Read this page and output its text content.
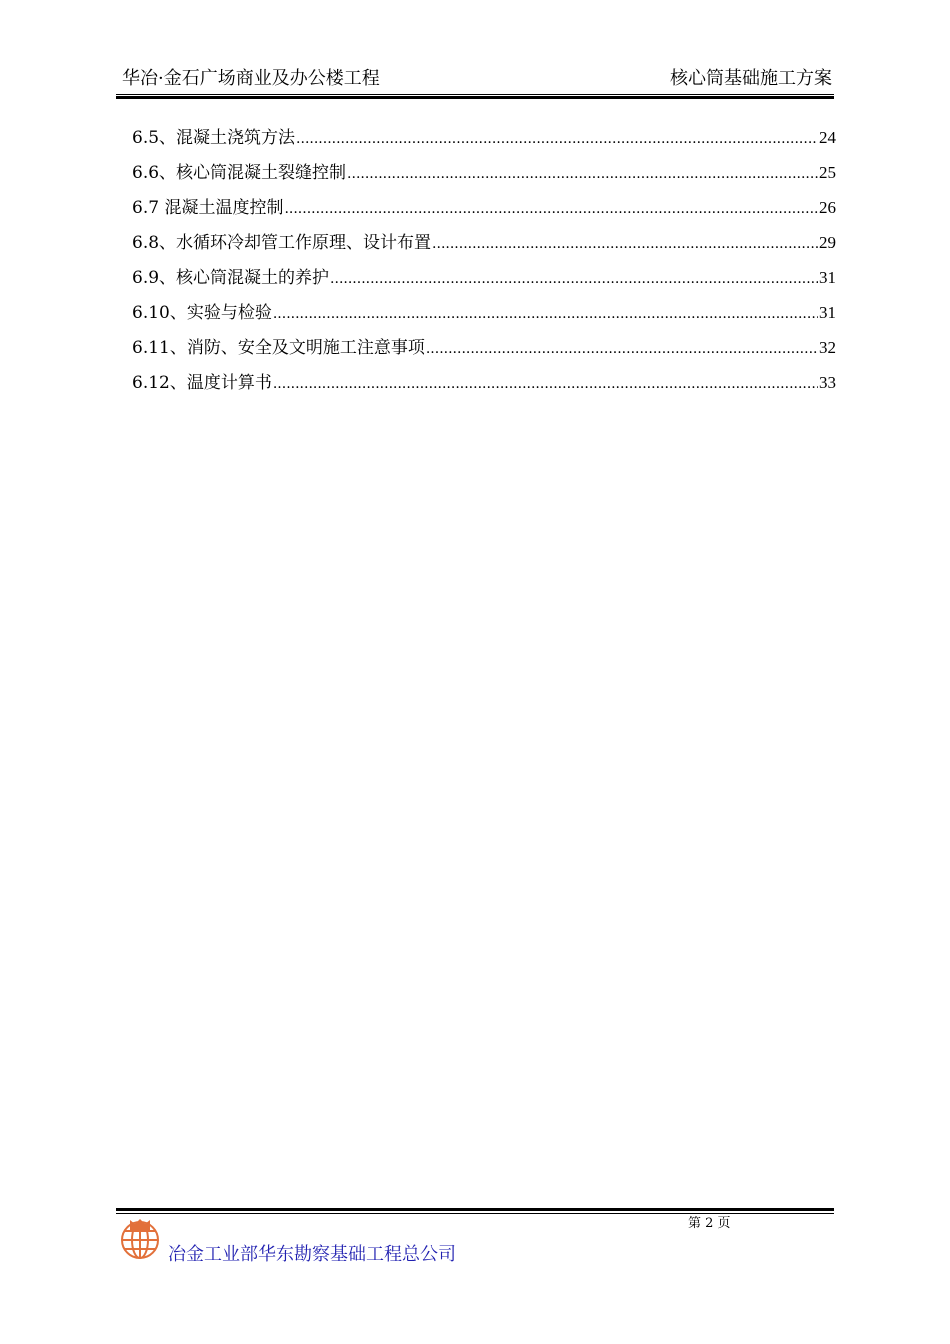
华冶·金石广场商业及办公楼工程	核心筒基础施工方案
6.5、混凝土浇筑方法 .....	24
6.6、核心筒混凝土裂缝控制 .....	25
6.7 混凝土温度控制 .....	26
6.8、水循环冷却管工作原理、设计布置 .....	29
6.9、核心筒混凝土的养护 .....	31
6.10、实验与检验 .....	31
6.11、消防、安全及文明施工注意事项 .....	32
6.12、温度计算书 .....	33
第 2 页
冶金工业部华东勘察基础工程总公司
